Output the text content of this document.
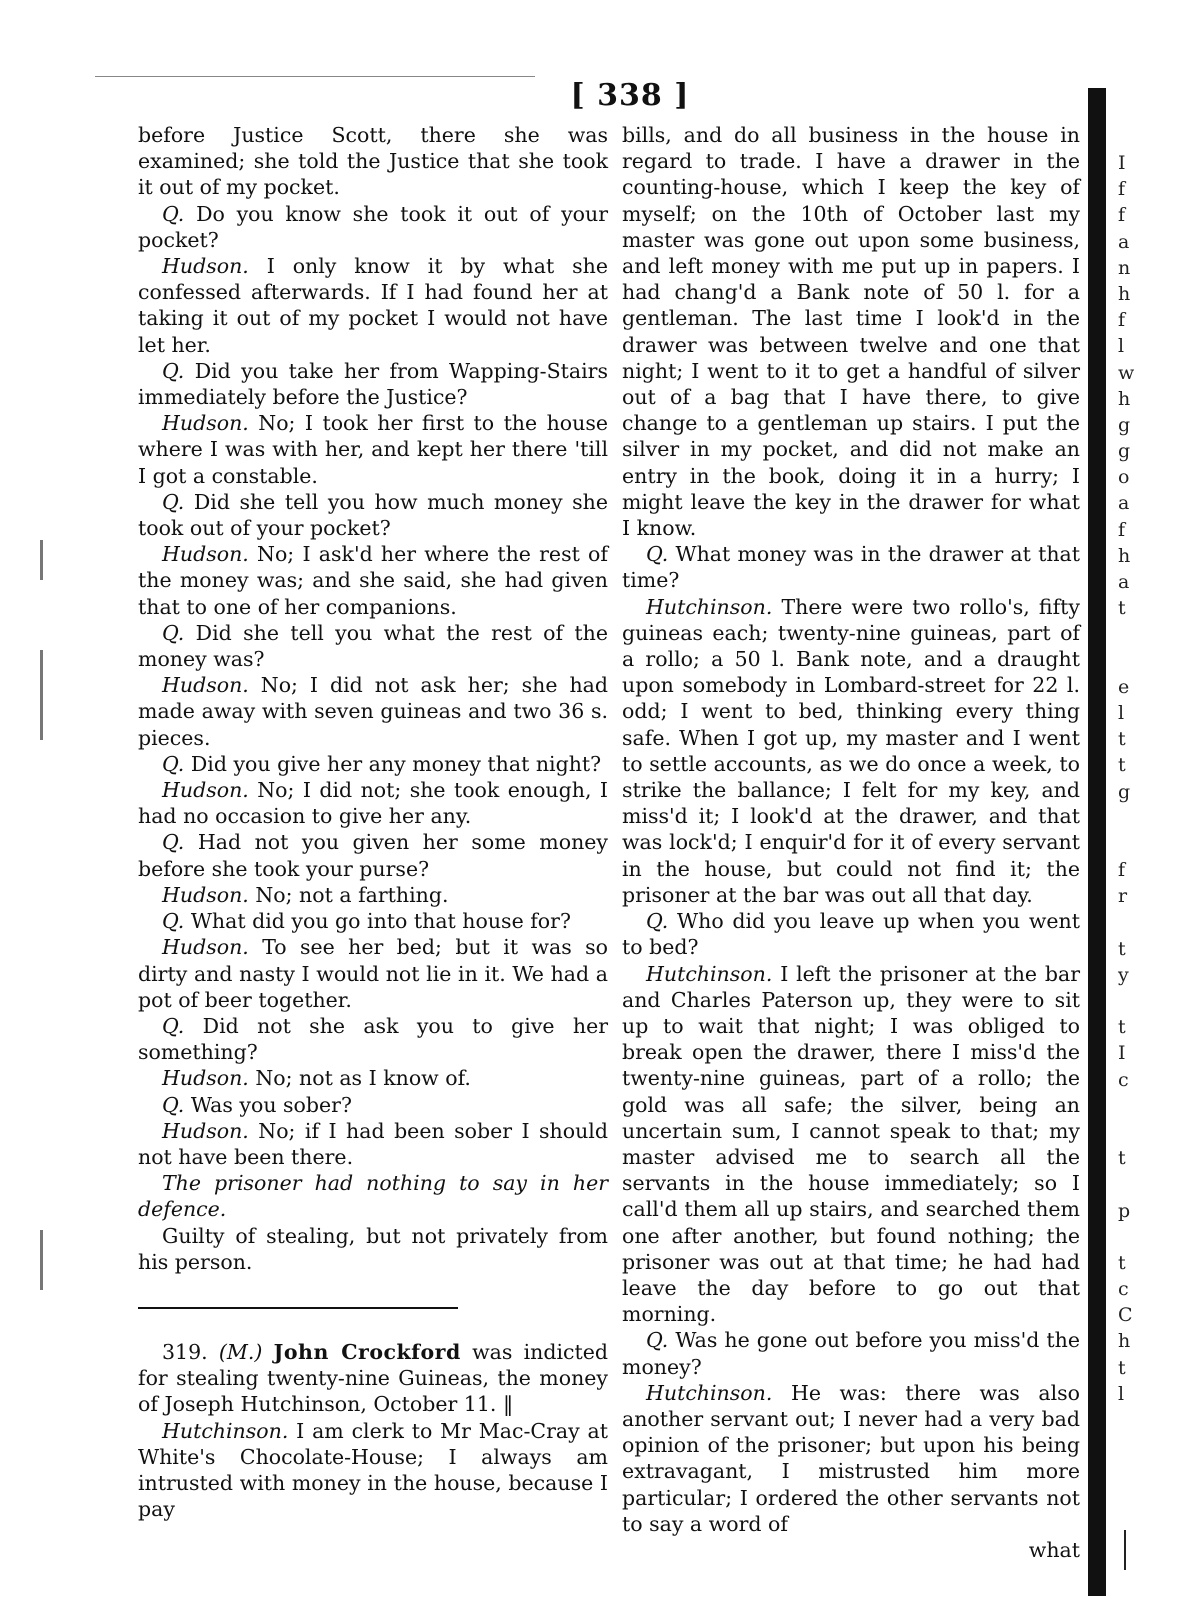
[ 338 ]

before Justice Scott, there she was examined; she told the Justice that she took it out of my pocket.

Q. Do you know she took it out of your pocket?

Hudson. I only know it by what she confessed afterwards. If I had found her at taking it out of my pocket I would not have let her.

Q. Did you take her from Wapping-Stairs immediately before the Justice?

Hudson. No; I took her first to the house where I was with her, and kept her there 'till I got a constable.

Q. Did she tell you how much money she took out of your pocket?

Hudson. No; I ask'd her where the rest of the money was; and she said, she had given that to one of her companions.

Q. Did she tell you what the rest of the money was?

Hudson. No; I did not ask her; she had made away with seven guineas and two 36 s. pieces.

Q. Did you give her any money that night?

Hudson. No; I did not; she took enough, I had no occasion to give her any.

Q. Had not you given her some money before she took your purse?

Hudson. No; not a farthing.

Q. What did you go into that house for?

Hudson. To see her bed; but it was so dirty and nasty I would not lie in it. We had a pot of beer together.

Q. Did not she ask you to give her something?

Hudson. No; not as I know of.

Q. Was you sober?

Hudson. No; if I had been sober I should not have been there.

The prisoner had nothing to say in her defence.

Guilty of stealing, but not privately from his person.

319. (M.) John Crockford was indicted for stealing twenty-nine Guineas, the money of Joseph Hutchinson, October 11. ‖

Hutchinson. I am clerk to Mr Mac-Cray at White's Chocolate-House; I always am intrusted with money in the house, because I pay

bills, and do all business in the house in regard to trade. I have a drawer in the counting-house, which I keep the key of myself; on the 10th of October last my master was gone out upon some business, and left money with me put up in papers. I had chang'd a Bank note of 50 l. for a gentleman. The last time I look'd in the drawer was between twelve and one that night; I went to it to get a handful of silver out of a bag that I have there, to give change to a gentleman up stairs. I put the silver in my pocket, and did not make an entry in the book, doing it in a hurry; I might leave the key in the drawer for what I know.

Q. What money was in the drawer at that time?

Hutchinson. There were two rollo's, fifty guineas each; twenty-nine guineas, part of a rollo; a 50 l. Bank note, and a draught upon somebody in Lombard-street for 22 l. odd; I went to bed, thinking every thing safe. When I got up, my master and I went to settle accounts, as we do once a week, to strike the ballance; I felt for my key, and miss'd it; I look'd at the drawer, and that was lock'd; I enquir'd for it of every servant in the house, but could not find it; the prisoner at the bar was out all that day.

Q. Who did you leave up when you went to bed?

Hutchinson. I left the prisoner at the bar and Charles Paterson up, they were to sit up to wait that night; I was obliged to break open the drawer, there I miss'd the twenty-nine guineas, part of a rollo; the gold was all safe; the silver, being an uncertain sum, I cannot speak to that; my master advised me to search all the servants in the house immediately; so I call'd them all up stairs, and searched them one after another, but found nothing; the prisoner was out at that time; he had had leave the day before to go out that morning.

Q. Was he gone out before you miss'd the money?

Hutchinson. He was: there was also another servant out; I never had a very bad opinion of the prisoner; but upon his being extravagant, I mistrusted him more particular; I ordered the other servants not to say a word of

what

I
f
f
a
n
h
f
l
w
h
g
g
o
a
f
h
a
t
e
l
t
t
g
f
r
t
y
t
I
c
t
p
t
c
C
h
t
l
